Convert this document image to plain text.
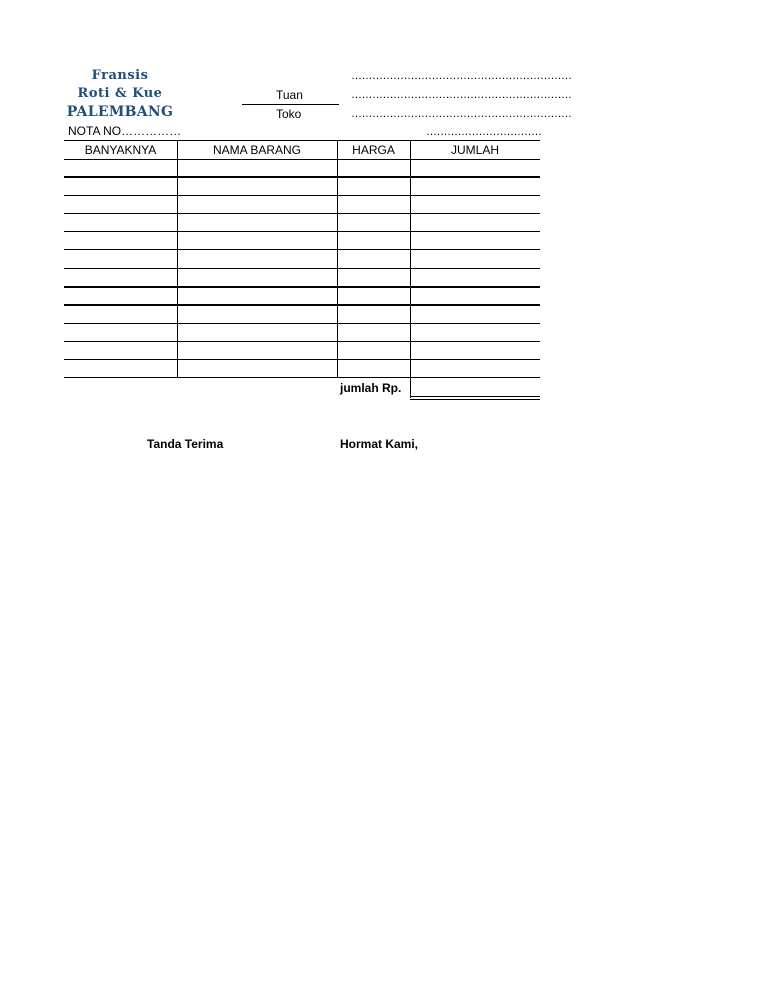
Fransis
Roti & Kue
PALEMBANG
Tuan
Toko
………………………………………………………
………………………………………………………
………………………………………………………
NOTA NO……………	……………………………
BANYAKNYA	NAMA BARANG	HARGA	JUMLAH
jumlah Rp.
Tanda Terima	Hormat Kami,
